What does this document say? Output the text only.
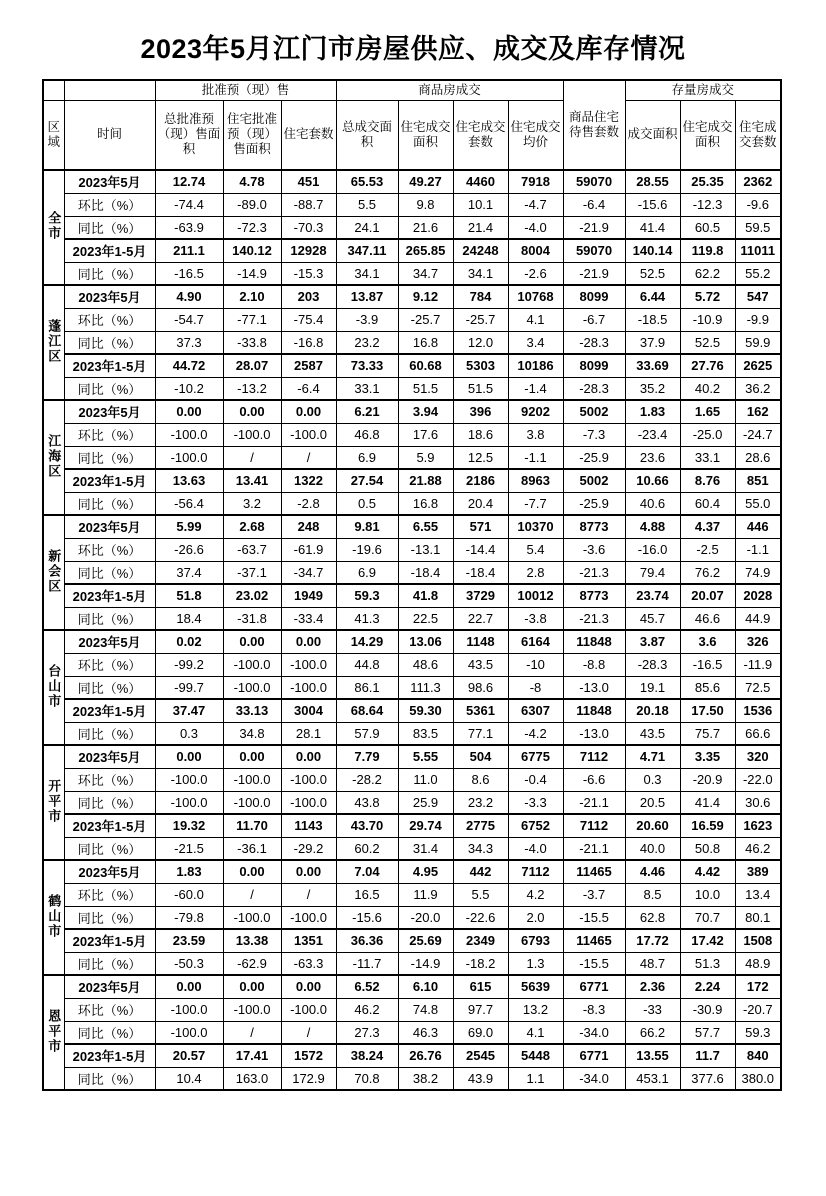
2023年5月江门市房屋供应、成交及库存情况
		批准预（现）售			商品房成交				商品住宅待售套数	存量房成交		
区域	时间	总批准预（现）售面积	住宅批准预（现）售面积	住宅套数	总成交面积	住宅成交面积	住宅成交套数	住宅成交均价		成交面积	住宅成交面积	住宅成交套数
全市	2023年5月	12.74	4.78	451	65.53	49.27	4460	7918	59070	28.55	25.35	2362
	环比（%）	-74.4	-89.0	-88.7	5.5	9.8	10.1	-4.7	-6.4	-15.6	-12.3	-9.6
	同比（%）	-63.9	-72.3	-70.3	24.1	21.6	21.4	-4.0	-21.9	41.4	60.5	59.5
	2023年1-5月	211.1	140.12	12928	347.11	265.85	24248	8004	59070	140.14	119.8	11011
	同比（%）	-16.5	-14.9	-15.3	34.1	34.7	34.1	-2.6	-21.9	52.5	62.2	55.2
蓬江区	2023年5月	4.90	2.10	203	13.87	9.12	784	10768	8099	6.44	5.72	547
	环比（%）	-54.7	-77.1	-75.4	-3.9	-25.7	-25.7	4.1	-6.7	-18.5	-10.9	-9.9
	同比（%）	37.3	-33.8	-16.8	23.2	16.8	12.0	3.4	-28.3	37.9	52.5	59.9
	2023年1-5月	44.72	28.07	2587	73.33	60.68	5303	10186	8099	33.69	27.76	2625
	同比（%）	-10.2	-13.2	-6.4	33.1	51.5	51.5	-1.4	-28.3	35.2	40.2	36.2
江海区	2023年5月	0.00	0.00	0.00	6.21	3.94	396	9202	5002	1.83	1.65	162
	环比（%）	-100.0	-100.0	-100.0	46.8	17.6	18.6	3.8	-7.3	-23.4	-25.0	-24.7
	同比（%）	-100.0	/	/	6.9	5.9	12.5	-1.1	-25.9	23.6	33.1	28.6
	2023年1-5月	13.63	13.41	1322	27.54	21.88	2186	8963	5002	10.66	8.76	851
	同比（%）	-56.4	3.2	-2.8	0.5	16.8	20.4	-7.7	-25.9	40.6	60.4	55.0
新会区	2023年5月	5.99	2.68	248	9.81	6.55	571	10370	8773	4.88	4.37	446
	环比（%）	-26.6	-63.7	-61.9	-19.6	-13.1	-14.4	5.4	-3.6	-16.0	-2.5	-1.1
	同比（%）	37.4	-37.1	-34.7	6.9	-18.4	-18.4	2.8	-21.3	79.4	76.2	74.9
	2023年1-5月	51.8	23.02	1949	59.3	41.8	3729	10012	8773	23.74	20.07	2028
	同比（%）	18.4	-31.8	-33.4	41.3	22.5	22.7	-3.8	-21.3	45.7	46.6	44.9
台山市	2023年5月	0.02	0.00	0.00	14.29	13.06	1148	6164	11848	3.87	3.6	326
	环比（%）	-99.2	-100.0	-100.0	44.8	48.6	43.5	-10	-8.8	-28.3	-16.5	-11.9
	同比（%）	-99.7	-100.0	-100.0	86.1	111.3	98.6	-8	-13.0	19.1	85.6	72.5
	2023年1-5月	37.47	33.13	3004	68.64	59.30	5361	6307	11848	20.18	17.50	1536
	同比（%）	0.3	34.8	28.1	57.9	83.5	77.1	-4.2	-13.0	43.5	75.7	66.6
开平市	2023年5月	0.00	0.00	0.00	7.79	5.55	504	6775	7112	4.71	3.35	320
	环比（%）	-100.0	-100.0	-100.0	-28.2	11.0	8.6	-0.4	-6.6	0.3	-20.9	-22.0
	同比（%）	-100.0	-100.0	-100.0	43.8	25.9	23.2	-3.3	-21.1	20.5	41.4	30.6
	2023年1-5月	19.32	11.70	1143	43.70	29.74	2775	6752	7112	20.60	16.59	1623
	同比（%）	-21.5	-36.1	-29.2	60.2	31.4	34.3	-4.0	-21.1	40.0	50.8	46.2
鹤山市	2023年5月	1.83	0.00	0.00	7.04	4.95	442	7112	11465	4.46	4.42	389
	环比（%）	-60.0	/	/	16.5	11.9	5.5	4.2	-3.7	8.5	10.0	13.4
	同比（%）	-79.8	-100.0	-100.0	-15.6	-20.0	-22.6	2.0	-15.5	62.8	70.7	80.1
	2023年1-5月	23.59	13.38	1351	36.36	25.69	2349	6793	11465	17.72	17.42	1508
	同比（%）	-50.3	-62.9	-63.3	-11.7	-14.9	-18.2	1.3	-15.5	48.7	51.3	48.9
恩平市	2023年5月	0.00	0.00	0.00	6.52	6.10	615	5639	6771	2.36	2.24	172
	环比（%）	-100.0	-100.0	-100.0	46.2	74.8	97.7	13.2	-8.3	-33	-30.9	-20.7
	同比（%）	-100.0	/	/	27.3	46.3	69.0	4.1	-34.0	66.2	57.7	59.3
	2023年1-5月	20.57	17.41	1572	38.24	26.76	2545	5448	6771	13.55	11.7	840
	同比（%）	10.4	163.0	172.9	70.8	38.2	43.9	1.1	-34.0	453.1	377.6	380.0
